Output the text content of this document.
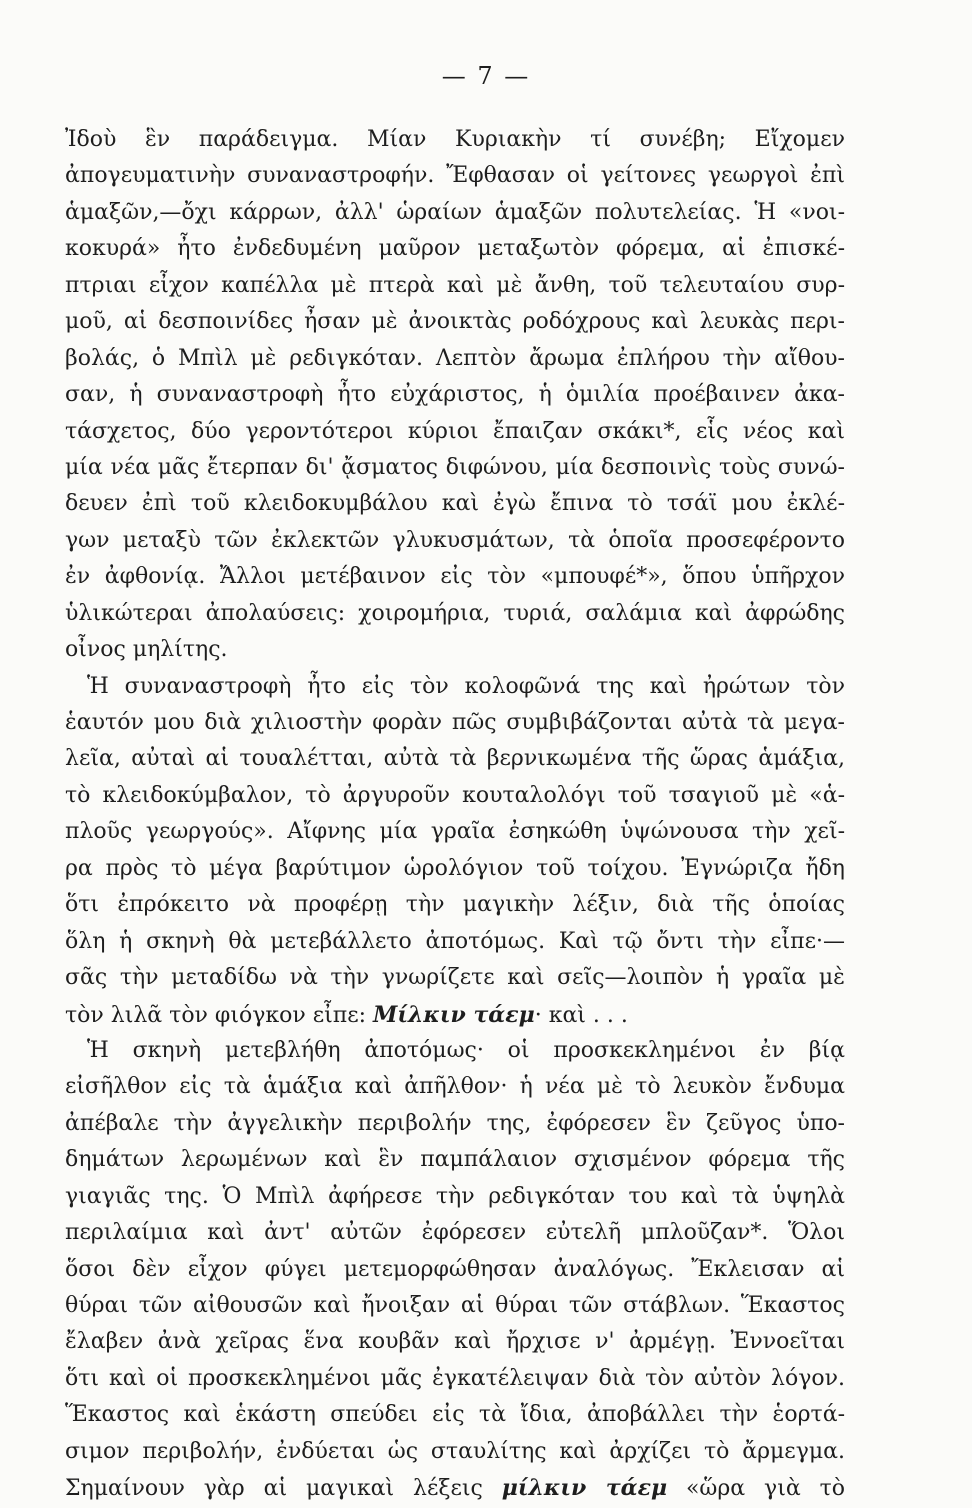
— 7 —
Ἰδοὺ ἓν παράδειγμα. Μίαν Κυριακὴν τί συνέβη; Εἴχομεν
ἀπογευματινὴν συναναστροφήν. Ἔφθασαν οἱ γείτονες γεωργοὶ ἐπὶ
ἁμαξῶν,—ὄχι κάρρων, ἀλλ' ὡραίων ἁμαξῶν πολυτελείας. Ἡ «νοι-
κοκυρά» ἦτο ἐνδεδυμένη μαῦρον μεταξωτὸν φόρεμα, αἱ ἐπισκέ-
πτριαι εἶχον καπέλλα μὲ πτερὰ καὶ μὲ ἄνθη, τοῦ τελευταίου συρ-
μοῦ, αἱ δεσποινίδες ἦσαν μὲ ἀνοικτὰς ροδόχρους καὶ λευκὰς περι-
βολάς, ὁ Μπὶλ μὲ ρεδιγκόταν. Λεπτὸν ἄρωμα ἐπλήρου τὴν αἴθου-
σαν, ἡ συναναστροφὴ ἦτο εὐχάριστος, ἡ ὁμιλία προέβαινεν ἀκα-
τάσχετος, δύο γεροντότεροι κύριοι ἔπαιζαν σκάκι*, εἷς νέος καὶ
μία νέα μᾶς ἔτερπαν δι' ᾄσματος διφώνου, μία δεσποινὶς τοὺς συνώ-
δευεν ἐπὶ τοῦ κλειδοκυμβάλου καὶ ἐγὼ ἔπινα τὸ τσάϊ μου ἐκλέ-
γων μεταξὺ τῶν ἐκλεκτῶν γλυκυσμάτων, τὰ ὁποῖα προσεφέροντο
ἐν ἀφθονίᾳ. Ἄλλοι μετέβαινον εἰς τὸν «μπουφέ*», ὅπου ὑπῆρχον
ὑλικώτεραι ἀπολαύσεις: χοιρομήρια, τυριά, σαλάμια καὶ ἀφρώδης
οἶνος μηλίτης.
Ἡ συναναστροφὴ ἦτο εἰς τὸν κολοφῶνά της καὶ ἠρώτων τὸν
ἑαυτόν μου διὰ χιλιοστὴν φορὰν πῶς συμβιβάζονται αὐτὰ τὰ μεγα-
λεῖα, αὐταὶ αἱ τουαλέτται, αὐτὰ τὰ βερνικωμένα τῆς ὥρας ἁμάξια,
τὸ κλειδοκύμβαλον, τὸ ἀργυροῦν κουταλολόγι τοῦ τσαγιοῦ μὲ «ἁ-
πλοῦς γεωργούς». Αἴφνης μία γραῖα ἐσηκώθη ὑψώνουσα τὴν χεῖ-
ρα πρὸς τὸ μέγα βαρύτιμον ὡρολόγιον τοῦ τοίχου. Ἐγνώριζα ἤδη
ὅτι ἐπρόκειτο νὰ προφέρῃ τὴν μαγικὴν λέξιν, διὰ τῆς ὁποίας
ὅλη ἡ σκηνὴ θὰ μετεβάλλετο ἀποτόμως. Καὶ τῷ ὄντι τὴν εἶπε·—
σᾶς τὴν μεταδίδω νὰ τὴν γνωρίζετε καὶ σεῖς—λοιπὸν ἡ γραῖα μὲ
τὸν λιλᾶ τὸν φιόγκον εἶπε: Μίλκιν τάεμ· καὶ . . .
Ἡ σκηνὴ μετεβλήθη ἀποτόμως· οἱ προσκεκλημένοι ἐν βίᾳ
εἰσῆλθον εἰς τὰ ἁμάξια καὶ ἀπῆλθον· ἡ νέα μὲ τὸ λευκὸν ἔνδυμα
ἀπέβαλε τὴν ἀγγελικὴν περιβολήν της, ἐφόρεσεν ἓν ζεῦγος ὑπο-
δημάτων λερωμένων καὶ ἓν παμπάλαιον σχισμένον φόρεμα τῆς
γιαγιᾶς της. Ὁ Μπὶλ ἀφήρεσε τὴν ρεδιγκόταν του καὶ τὰ ὑψηλὰ
περιλαίμια καὶ ἀντ' αὐτῶν ἐφόρεσεν εὐτελῆ μπλοῦζαν*. Ὅλοι
ὅσοι δὲν εἶχον φύγει μετεμορφώθησαν ἀναλόγως. Ἔκλεισαν αἱ
θύραι τῶν αἰθουσῶν καὶ ἤνοιξαν αἱ θύραι τῶν στάβλων. Ἕκαστος
ἔλαβεν ἀνὰ χεῖρας ἕνα κουβᾶν καὶ ἤρχισε ν' ἀρμέγῃ. Ἐννοεῖται
ὅτι καὶ οἱ προσκεκλημένοι μᾶς ἐγκατέλειψαν διὰ τὸν αὐτὸν λόγον.
Ἕκαστος καὶ ἑκάστη σπεύδει εἰς τὰ ἴδια, ἀποβάλλει τὴν ἑορτά-
σιμον περιβολήν, ἐνδύεται ὡς σταυλίτης καὶ ἀρχίζει τὸ ἄρμεγμα.
Σημαίνουν γὰρ αἱ μαγικαὶ λέξεις μίλκιν τάεμ «ὥρα γιὰ τὸ
